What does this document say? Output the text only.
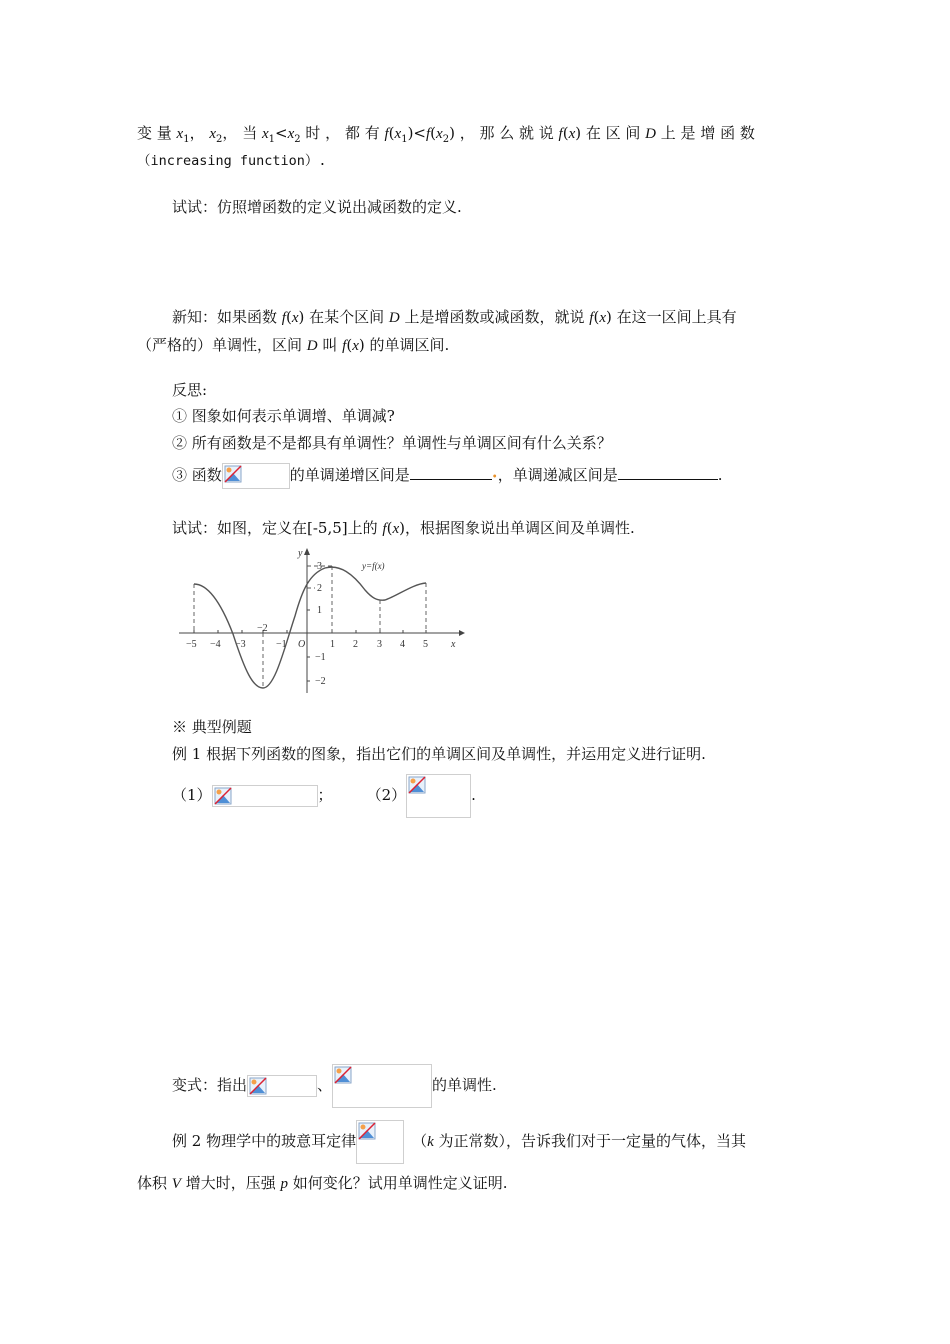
变 量 $x_1$， $x_2$， 当 $x_1<x_2$ 时 ， 都 有 $f(x_1)<f(x_2)$ ， 那 么 就 说 f(x) 在 区 间 D 上 是 增 函 数
（increasing function）.
试试：仿照增函数的定义说出减函数的定义.
新知：如果函数 f(x) 在某个区间 D 上是增函数或减函数，就说 f(x) 在这一区间上具有
（严格的）单调性，区间 D 叫 f(x) 的单调区间.
反思:
① 图象如何表示单调增、单调减?
② 所有函数是不是都具有单调性？单调性与单调区间有什么关系？
③ 函数	的单调递增区间是	•，单调递减区间是	.
试试：如图，定义在[-5,5]上的 f(x)，根据图象说出单调区间及单调性.
y
x
O
y=f(x)
−5 −4 −3	−1	1 2 3 4 5
3
2
1
−1
−2
−2
※ 典型例题
例 1 根据下列函数的图象，指出它们的单调区间及单调性，并运用定义进行证明.
（1）	； （2）	.
变式：指出	、	的单调性.
例 2 物理学中的玻意耳定律	（k 为正常数），告诉我们对于一定量的气体，当其
体积 V 增大时，压强 p 如何变化？试用单调性定义证明.
